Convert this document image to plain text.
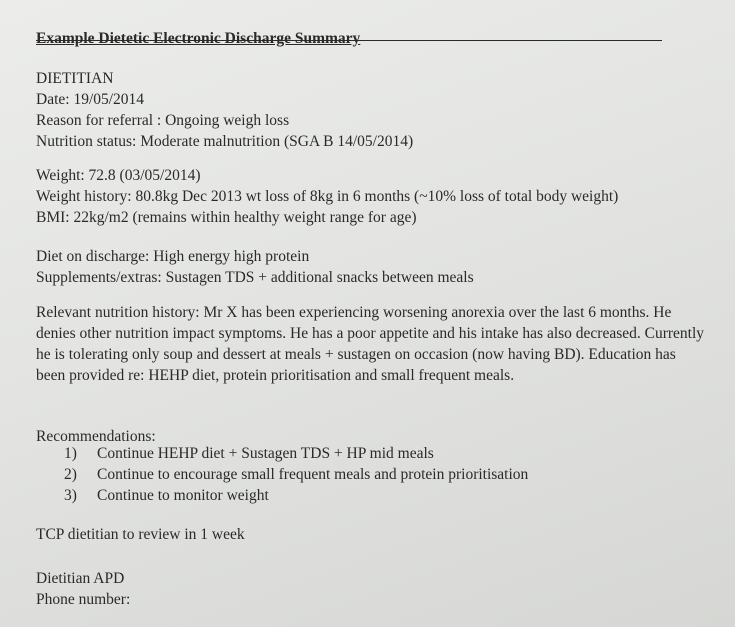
Example Dietetic Electronic Discharge Summary
DIETITIAN
Date: 19/05/2014
Reason for referral : Ongoing weigh loss
Nutrition status: Moderate malnutrition (SGA B 14/05/2014)
Weight: 72.8 (03/05/2014)
Weight history: 80.8kg Dec 2013 wt loss of 8kg in 6 months (~10% loss of total body weight)
BMI: 22kg/m2 (remains within healthy weight range for age)
Diet on discharge: High energy high protein
Supplements/extras: Sustagen TDS + additional snacks between meals
Relevant nutrition history: Mr X has been experiencing worsening anorexia over the last 6 months. He denies other nutrition impact symptoms. He has a poor appetite and his intake has also decreased. Currently he is tolerating only soup and dessert at meals + sustagen on occasion (now having BD). Education has been provided re: HEHP diet, protein prioritisation and small frequent meals.
Recommendations:
1)	Continue HEHP diet + Sustagen TDS + HP mid meals
2)	Continue to encourage small frequent meals and protein prioritisation
3)	Continue to monitor weight
TCP dietitian to review in 1 week
Dietitian APD
Phone number:
